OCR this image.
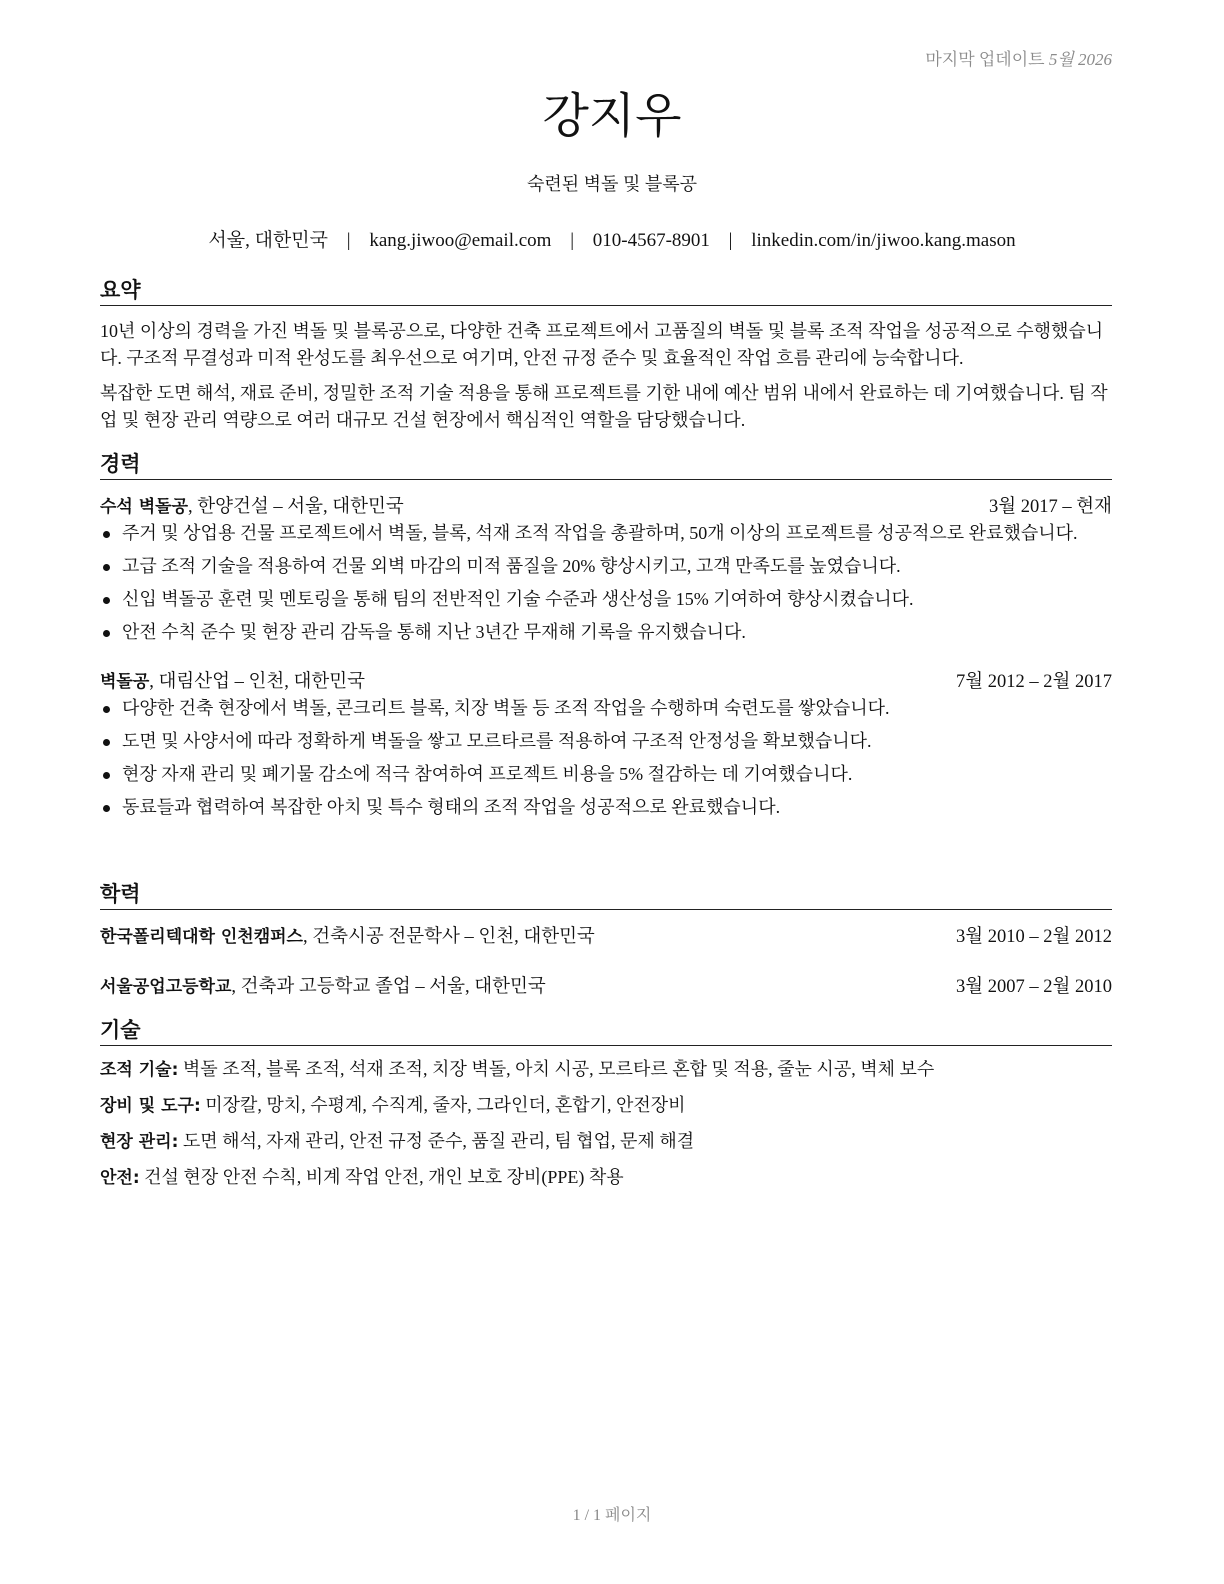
마지막 업데이트 5월 2026
강지우
숙련된 벽돌 및 블록공
서울, 대한민국 | kang.jiwoo@email.com | 010-4567-8901 | linkedin.com/in/jiwoo.kang.mason
요약

10년 이상의 경력을 가진 벽돌 및 블록공으로, 다양한 건축 프로젝트에서 고품질의 벽돌 및 블록 조적 작업을 성공적으로 수행했습니다. 구조적 무결성과 미적 완성도를 최우선으로 여기며, 안전 규정 준수 및 효율적인 작업 흐름 관리에 능숙합니다.

복잡한 도면 해석, 재료 준비, 정밀한 조적 기술 적용을 통해 프로젝트를 기한 내에 예산 범위 내에서 완료하는 데 기여했습니다. 팀 작업 및 현장 관리 역량으로 여러 대규모 건설 현장에서 핵심적인 역할을 담당했습니다.

경력
수석 벽돌공, 한양건설 – 서울, 대한민국	3월 2017 – 현재
주거 및 상업용 건물 프로젝트에서 벽돌, 블록, 석재 조적 작업을 총괄하며, 50개 이상의 프로젝트를 성공적으로 완료했습니다.
고급 조적 기술을 적용하여 건물 외벽 마감의 미적 품질을 20% 향상시키고, 고객 만족도를 높였습니다.
신입 벽돌공 훈련 및 멘토링을 통해 팀의 전반적인 기술 수준과 생산성을 15% 기여하여 향상시켰습니다.
안전 수칙 준수 및 현장 관리 감독을 통해 지난 3년간 무재해 기록을 유지했습니다.
벽돌공, 대림산업 – 인천, 대한민국	7월 2012 – 2월 2017
다양한 건축 현장에서 벽돌, 콘크리트 블록, 치장 벽돌 등 조적 작업을 수행하며 숙련도를 쌓았습니다.
도면 및 사양서에 따라 정확하게 벽돌을 쌓고 모르타르를 적용하여 구조적 안정성을 확보했습니다.
현장 자재 관리 및 폐기물 감소에 적극 참여하여 프로젝트 비용을 5% 절감하는 데 기여했습니다.
동료들과 협력하여 복잡한 아치 및 특수 형태의 조적 작업을 성공적으로 완료했습니다.
학력
한국폴리텍대학 인천캠퍼스, 건축시공 전문학사 – 인천, 대한민국	3월 2010 – 2월 2012
서울공업고등학교, 건축과 고등학교 졸업 – 서울, 대한민국	3월 2007 – 2월 2010
기술
조적 기술: 벽돌 조적, 블록 조적, 석재 조적, 치장 벽돌, 아치 시공, 모르타르 혼합 및 적용, 줄눈 시공, 벽체 보수
장비 및 도구: 미장칼, 망치, 수평계, 수직계, 줄자, 그라인더, 혼합기, 안전장비
현장 관리: 도면 해석, 자재 관리, 안전 규정 준수, 품질 관리, 팀 협업, 문제 해결
안전: 건설 현장 안전 수칙, 비계 작업 안전, 개인 보호 장비(PPE) 착용
1 / 1 페이지
